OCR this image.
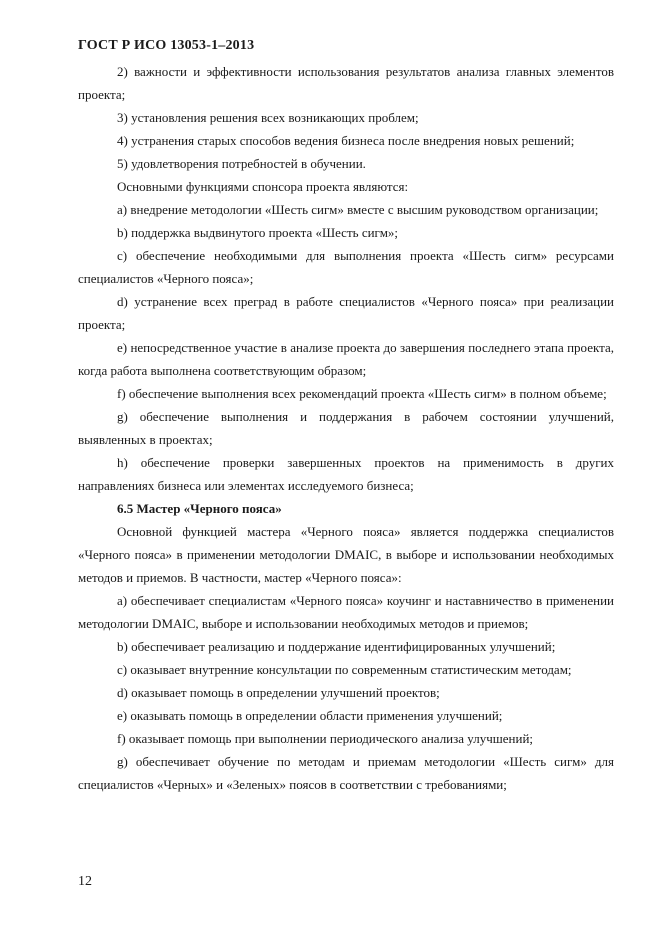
ГОСТ Р ИСО 13053-1–2013

2) важности и эффективности использования результатов анализа главных элементов проекта;

3) установления решения всех возникающих проблем;

4) устранения старых способов ведения бизнеса после внедрения новых решений;

5) удовлетворения потребностей в обучении.

Основными функциями спонсора проекта являются:

a) внедрение методологии «Шесть сигм» вместе с высшим руководством организации;

b) поддержка выдвинутого проекта «Шесть сигм»;

c) обеспечение необходимыми для выполнения проекта «Шесть сигм» ресурсами специалистов «Черного пояса»;

d) устранение всех преград в работе специалистов «Черного пояса» при реализации проекта;

e) непосредственное участие в анализе проекта до завершения последнего этапа проекта, когда работа выполнена соответствующим образом;

f) обеспечение выполнения всех рекомендаций проекта «Шесть сигм» в полном объеме;

g) обеспечение выполнения и поддержания в рабочем состоянии улучшений, выявленных в проектах;

h) обеспечение проверки завершенных проектов на применимость в других направлениях бизнеса или элементах исследуемого бизнеса;

6.5 Мастер «Черного пояса»

Основной функцией мастера «Черного пояса» является поддержка специалистов «Черного пояса» в применении методологии DMAIC, в выборе и использовании необходимых методов и приемов. В частности, мастер «Черного пояса»:

a) обеспечивает специалистам «Черного пояса» коучинг и наставничество в применении методологии DMAIC, выборе и использовании необходимых методов и приемов;

b) обеспечивает реализацию и поддержание идентифицированных улучшений;

c) оказывает внутренние консультации по современным статистическим методам;

d) оказывает помощь в определении улучшений проектов;

e) оказывать помощь в определении области применения улучшений;

f) оказывает помощь при выполнении периодического анализа улучшений;

g) обеспечивает обучение по методам и приемам методологии «Шесть сигм» для специалистов «Черных» и «Зеленых» поясов в соответствии с требованиями;

12
